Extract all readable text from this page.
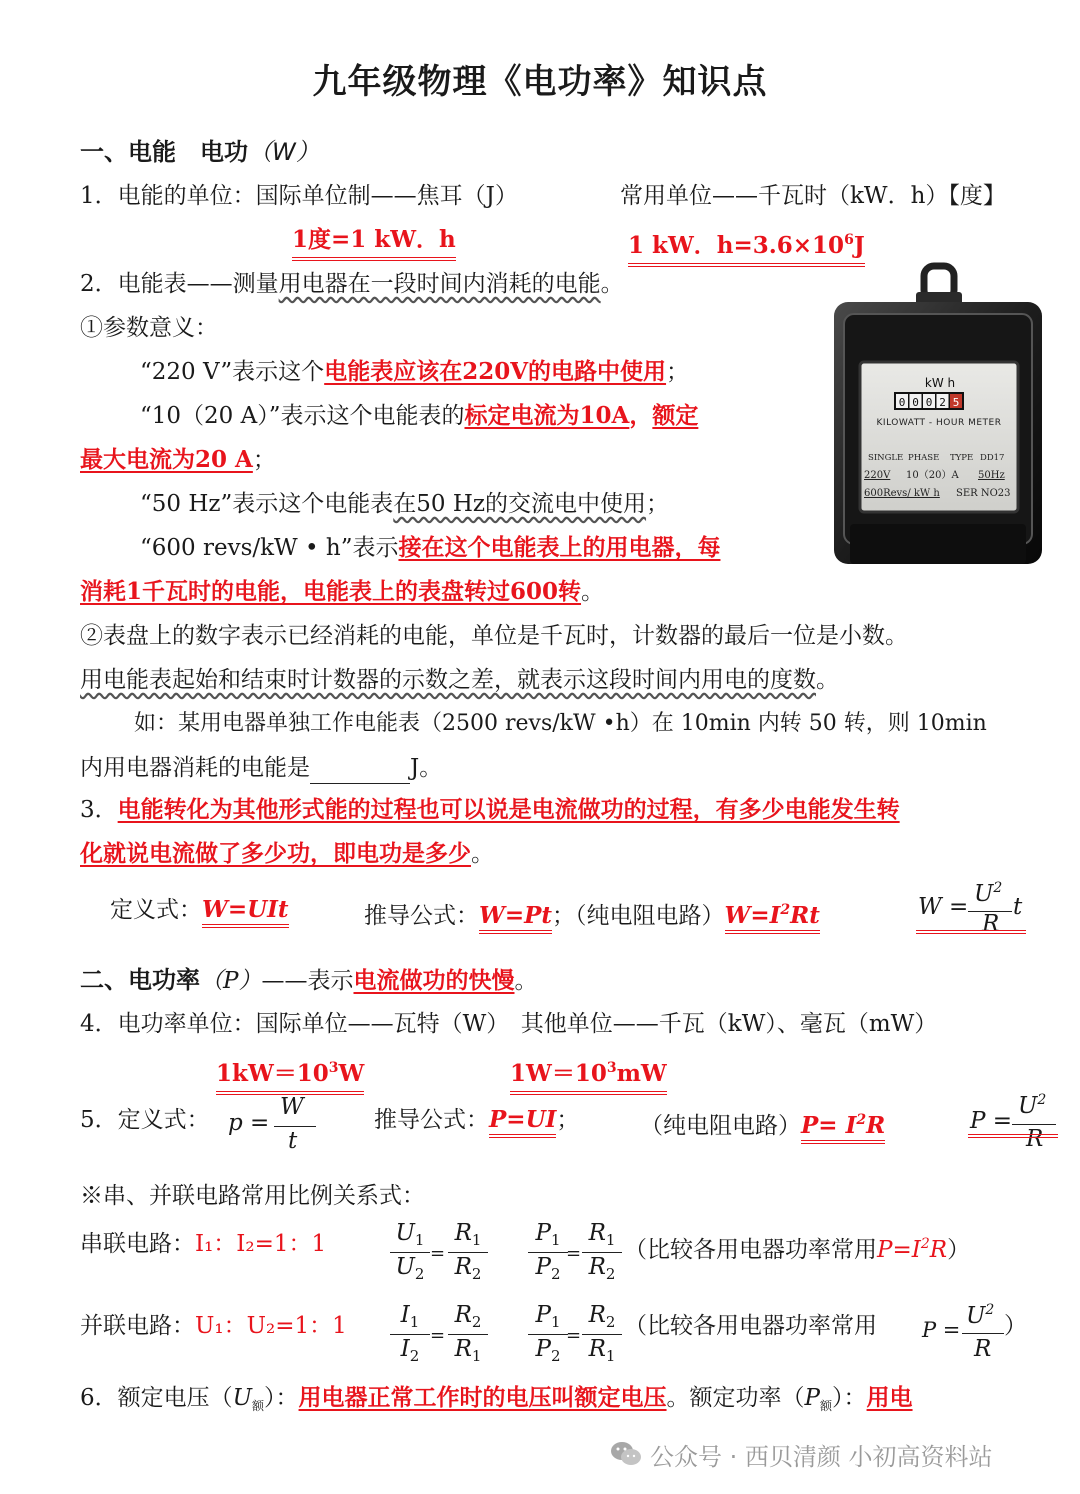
九年级物理《电功率》知识点
一、电能　电功（W）
1．电能的单位：国际单位制——焦耳（J）	常用单位——千瓦时（kW．h）【度】
1度=1 kW．h	1 kW．$h=3.6\times 10^6J$
2．电能表——测量用电器在一段时间内消耗的电能。
①参数意义：
“220 V”表示这个电能表应该在220V的电路中使用；
“10（20 A）”表示这个电能表的标定电流为10A，额定
最大电流为20 A；
“50 Hz”表示这个电能表在50 Hz的交流电中使用；
“600 revs/kW • h”表示接在这个电能表上的用电器，每
消耗1千瓦时的电能，电能表上的表盘转过600转。
②表盘上的数字表示已经消耗的电能，单位是千瓦时，计数器的最后一位是小数。
用电能表起始和结束时计数器的示数之差，就表示这段时间内用电的度数。
如：某用电器单独工作电能表（2500 revs/kW •h）在 10min 内转 50 转，则 10min
内用电器消耗的电能是	J。
0 0 0 2 5
kW h
KILOWATT - HOUR METER
SINGLE PHASE TYPE DD17
220V 10（20）A 50Hz
600Revs/ kW h SER NO23
3．电能转化为其他形式能的过程也可以说是电流做功的过程，有多少电能发生转
化就说电流做了多少功，即电功是多少。
定义式：W=UIt	推导公式：W=Pt；（纯电阻电路）$W=I^2Rt$	$W = U^2$
R
t
二、电功率（P）——表示电流做功的快慢。
4．电功率单位：国际单位——瓦特（W）　其他单位——千瓦（kW）、毫瓦（mW）
$1kW=10^3W$	$1W=10^3mW$
5．定义式： p =
W
t
推导公式：P=UI；	（纯电阻电路）$P= I^2R$	P =
$U^2$
R
※串、并联电路常用比例关系式：
串联电路：I₁：I₂=1：1	$U_1$
$U_2$
=
$R_1$
$R_2$
$P_1$
$P_2$
=
$R_1$
$R_2$
（比较各用电器功率常用$P=I^2R$）
并联电路：U₁：U₂=1：1	$I_1$
$I_2$
=
$R_2$
$R_1$
$P_1$
$P_2$
=
$R_2$
$R_1$
（比较各用电器功率常用 P =
$U^2$
R
）
6．额定电压$(U_额)$：用电器正常工作时的电压叫额定电压。额定功率$(P_额)$：用电
公众号 · 西贝清颜 小初高资料站
